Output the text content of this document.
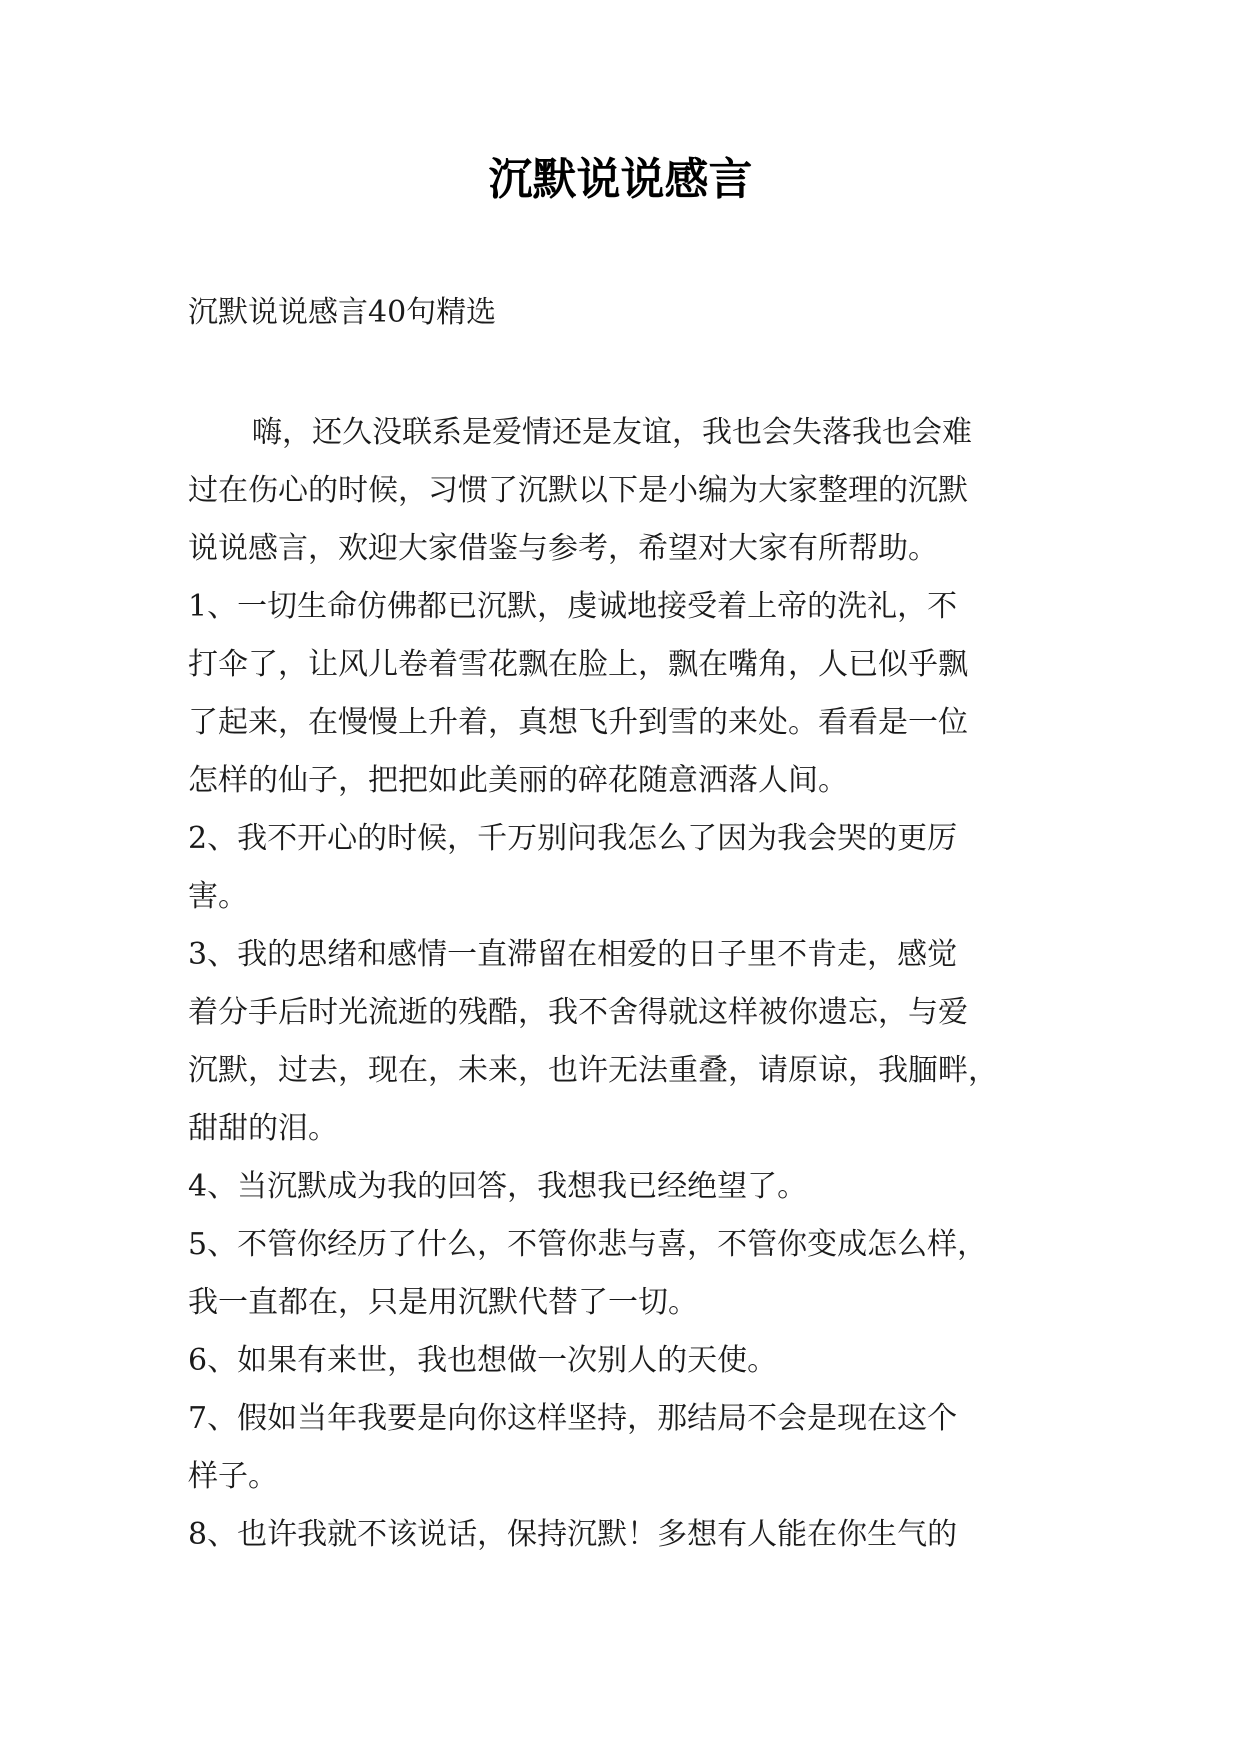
沉默说说感言
沉默说说感言40句精选
嗨，还久没联系是爱情还是友谊，我也会失落我也会难
过在伤心的时候，习惯了沉默以下是小编为大家整理的沉默
说说感言，欢迎大家借鉴与参考，希望对大家有所帮助。
1、一切生命仿佛都已沉默，虔诚地接受着上帝的洗礼，不
打伞了，让风儿卷着雪花飘在脸上，飘在嘴角，人已似乎飘
了起来，在慢慢上升着，真想飞升到雪的来处。看看是一位
怎样的仙子，把把如此美丽的碎花随意洒落人间。
2、我不开心的时候，千万别问我怎么了因为我会哭的更厉
害。
3、我的思绪和感情一直滞留在相爱的日子里不肯走，感觉
着分手后时光流逝的残酷，我不舍得就这样被你遗忘，与爱
沉默，过去，现在，未来，也许无法重叠，请原谅，我腼畔，
甜甜的泪。
4、当沉默成为我的回答，我想我已经绝望了。
5、不管你经历了什么，不管你悲与喜，不管你变成怎么样，
我一直都在，只是用沉默代替了一切。
6、如果有来世，我也想做一次别人的天使。
7、假如当年我要是向你这样坚持，那结局不会是现在这个
样子。
8、也许我就不该说话，保持沉默！多想有人能在你生气的
